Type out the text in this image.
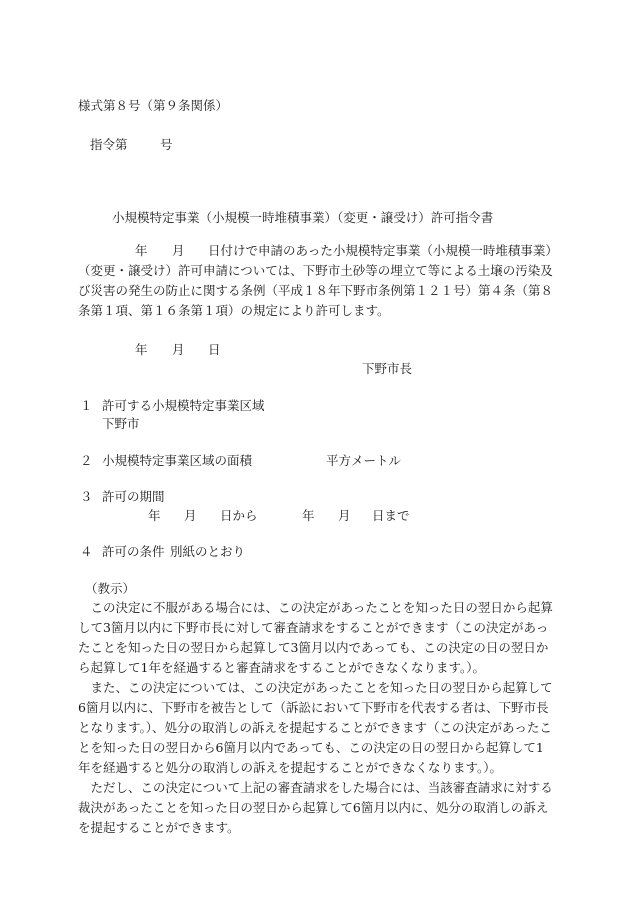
様式第８号（第９条関係）
指令第	号
小規模特定事業（小規模一時堆積事業）（変更・譲受け）許可指令書
年 月	日付けで申請のあった小規模特定事業（小規模一時堆積事業）（変更・譲受け）許可申請については、下野市土砂等の埋立て等による土壌の汚染及び災害の発生の防止に関する条例（平成１８年下野市条例第１２１号）第４条（第８条第１項、第１６条第１項）の規定により許可します。
年 月 日
下野市長
１ 許可する小規模特定事業区域
下野市
２ 小規模特定事業区域の面積	平方メートル
３ 許可の期間
年 月 日から	年 月 日まで
４ 許可の条件 別紙のとおり
（教示）

この決定に不服がある場合には、この決定があったことを知った日の翌日から起算して3箇月以内に下野市長に対して審査請求をすることができます（この決定があったことを知った日の翌日から起算して3箇月以内であっても、この決定の日の翌日から起算して1年を経過すると審査請求をすることができなくなります。）。

また、この決定については、この決定があったことを知った日の翌日から起算して6箇月以内に、下野市を被告として（訴訟において下野市を代表する者は、下野市長となります。）、処分の取消しの訴えを提起することができます（この決定があったことを知った日の翌日から6箇月以内であっても、この決定の日の翌日から起算して1年を経過すると処分の取消しの訴えを提起することができなくなります。）。

ただし、この決定について上記の審査請求をした場合には、当該審査請求に対する裁決があったことを知った日の翌日から起算して6箇月以内に、処分の取消しの訴えを提起することができます。
